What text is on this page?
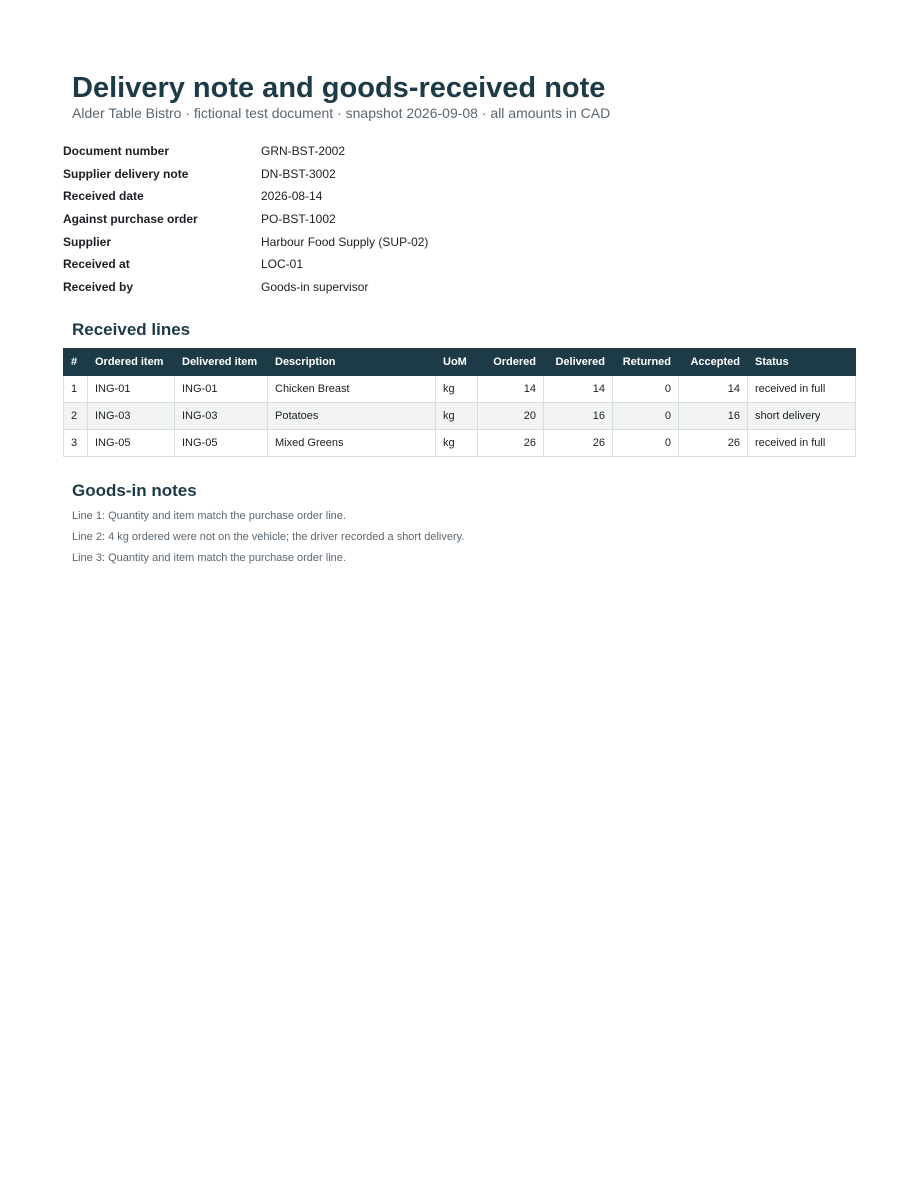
Delivery note and goods-received note

Alder Table Bistro · fictional test document · snapshot 2026-09-08 · all amounts in CAD

Document number	GRN-BST-2002
Supplier delivery note	DN-BST-3002
Received date	2026-08-14
Against purchase order	PO-BST-1002
Supplier	Harbour Food Supply (SUP-02)
Received at	LOC-01
Received by	Goods-in supervisor
Received lines
#	Ordered item	Delivered item	Description	UoM	Ordered	Delivered	Returned	Accepted	Status
1	ING-01	ING-01	Chicken Breast	kg	14	14	0	14	received in full
2	ING-03	ING-03	Potatoes	kg	20	16	0	16	short delivery
3	ING-05	ING-05	Mixed Greens	kg	26	26	0	26	received in full
Goods-in notes
Line 1: Quantity and item match the purchase order line.
Line 2: 4 kg ordered were not on the vehicle; the driver recorded a short delivery.
Line 3: Quantity and item match the purchase order line.
